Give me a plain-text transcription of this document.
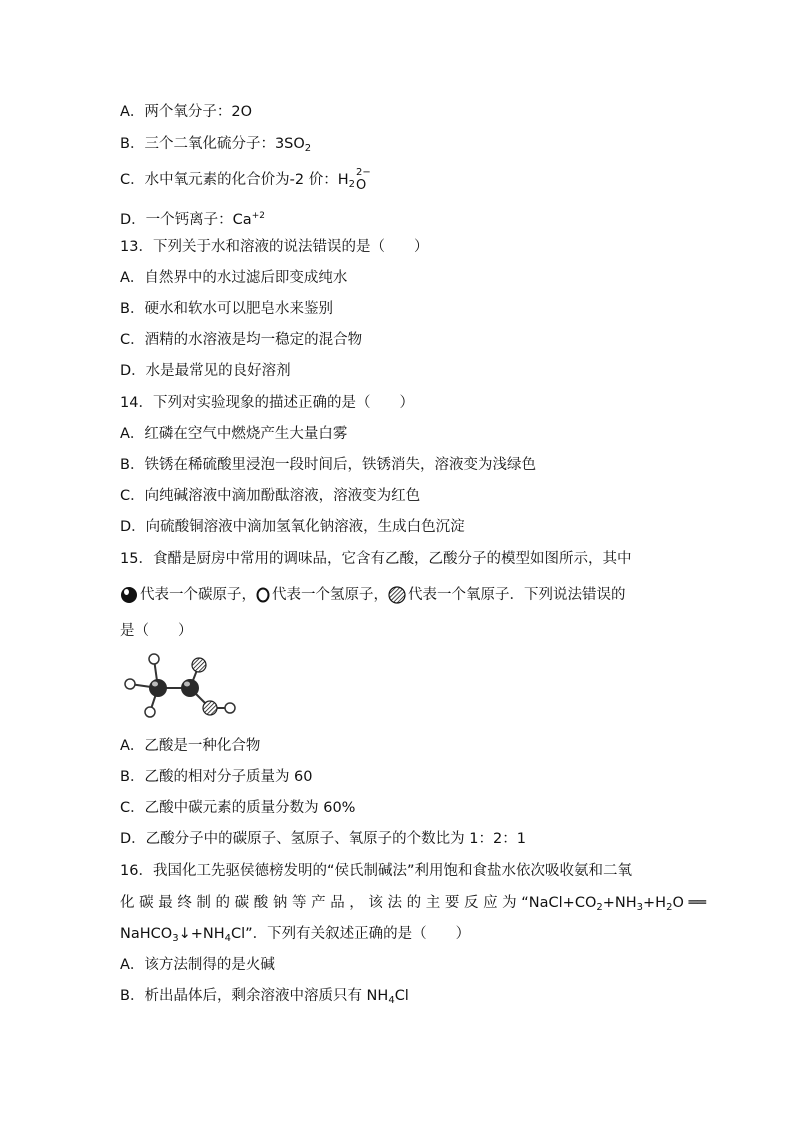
A．两个氧分子：2O
B．三个二氧化硫分子：$3SO_2$
C．水中氧元素的化合价为-2 价：$H_2$
2−
O
D．一个钙离子：$Ca^{+2}$
13．下列关于水和溶液的说法错误的是（　　）
A．自然界中的水过滤后即变成纯水
B．硬水和软水可以肥皂水来鉴别
C．酒精的水溶液是均一稳定的混合物
D．水是最常见的良好溶剂
14．下列对实验现象的描述正确的是（　　）
A．红磷在空气中燃烧产生大量白雾
B．铁锈在稀硫酸里浸泡一段时间后，铁锈消失，溶液变为浅绿色
C．向纯碱溶液中滴加酚酞溶液，溶液变为红色
D．向硫酸铜溶液中滴加氢氧化钠溶液，生成白色沉淀
15．食醋是厨房中常用的调味品，它含有乙酸，乙酸分子的模型如图所示，其中
代表一个碳原子， 代表一个氢原子， 代表一个氧原子．下列说法错误的
是（　　）
A．乙酸是一种化合物
B．乙酸的相对分子质量为 60
C．乙酸中碳元素的质量分数为 60%
D．乙酸分子中的碳原子、氢原子、氧原子的个数比为 1：2：1
16．我国化工先驱侯德榜发明的“侯氏制碱法”利用饱和食盐水依次吸收氨和二氧
化 碳 最 终 制 的 碳 酸 钠 等 产 品 ， 该 法 的 主 要 反 应 为 “$NaCl+CO_2+NH_3+H_2O$ ══
$NaHCO_3↓+NH_4Cl$”．下列有关叙述正确的是（　　）
A．该方法制得的是火碱
B．析出晶体后，剩余溶液中溶质只有 $NH_4Cl$
